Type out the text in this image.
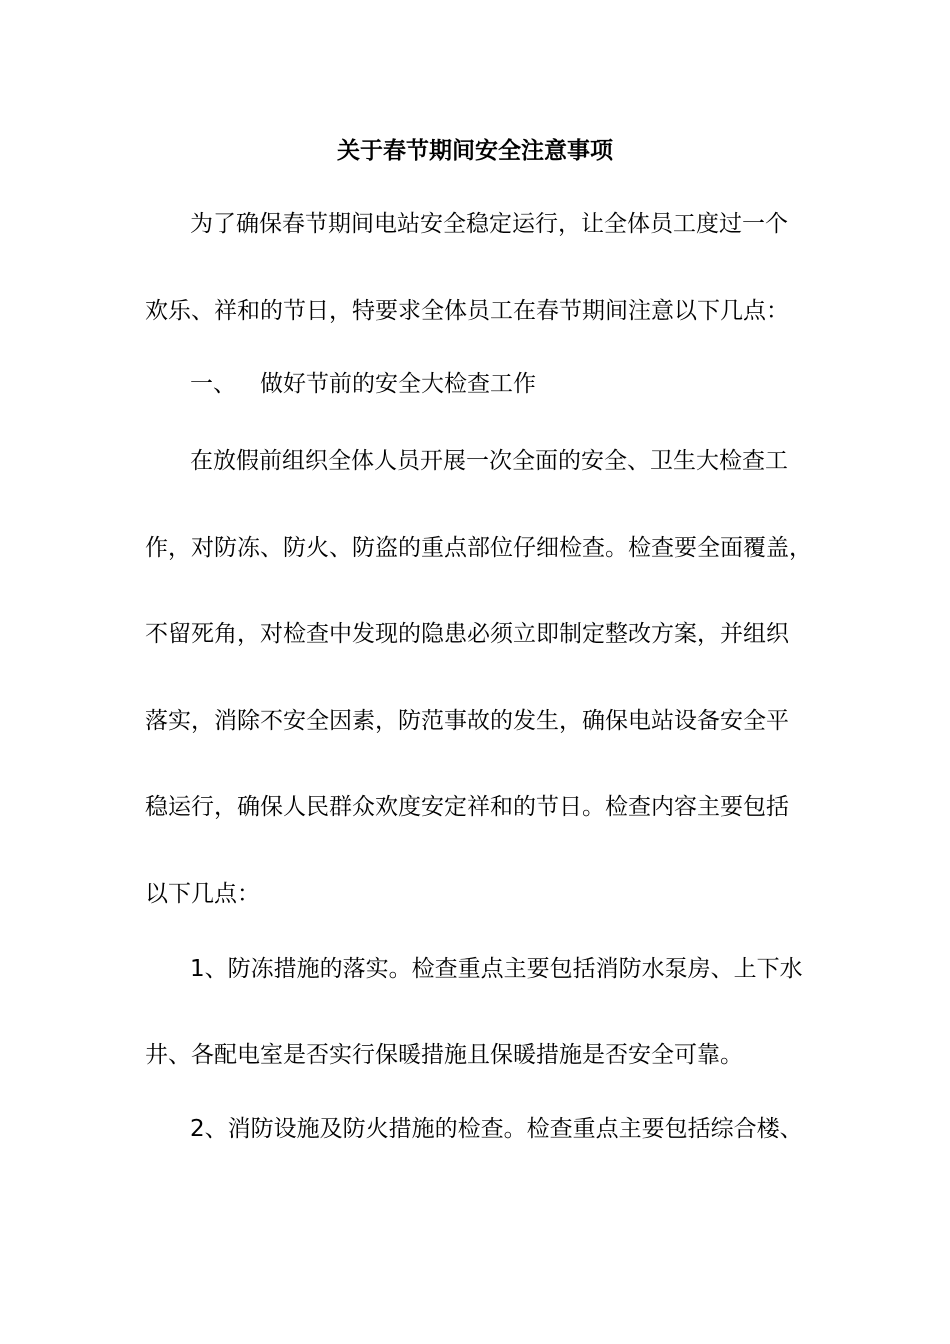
关于春节期间安全注意事项
为了确保春节期间电站安全稳定运行，让全体员工度过一个
欢乐、祥和的节日，特要求全体员工在春节期间注意以下几点：
一、 做好节前的安全大检查工作
在放假前组织全体人员开展一次全面的安全、卫生大检查工
作，对防冻、防火、防盗的重点部位仔细检查。检查要全面覆盖，
不留死角，对检查中发现的隐患必须立即制定整改方案，并组织
落实，消除不安全因素，防范事故的发生，确保电站设备安全平
稳运行，确保人民群众欢度安定祥和的节日。检查内容主要包括
以下几点：
1、防冻措施的落实。检查重点主要包括消防水泵房、上下水
井、各配电室是否实行保暖措施且保暖措施是否安全可靠。
2、消防设施及防火措施的检查。检查重点主要包括综合楼、
